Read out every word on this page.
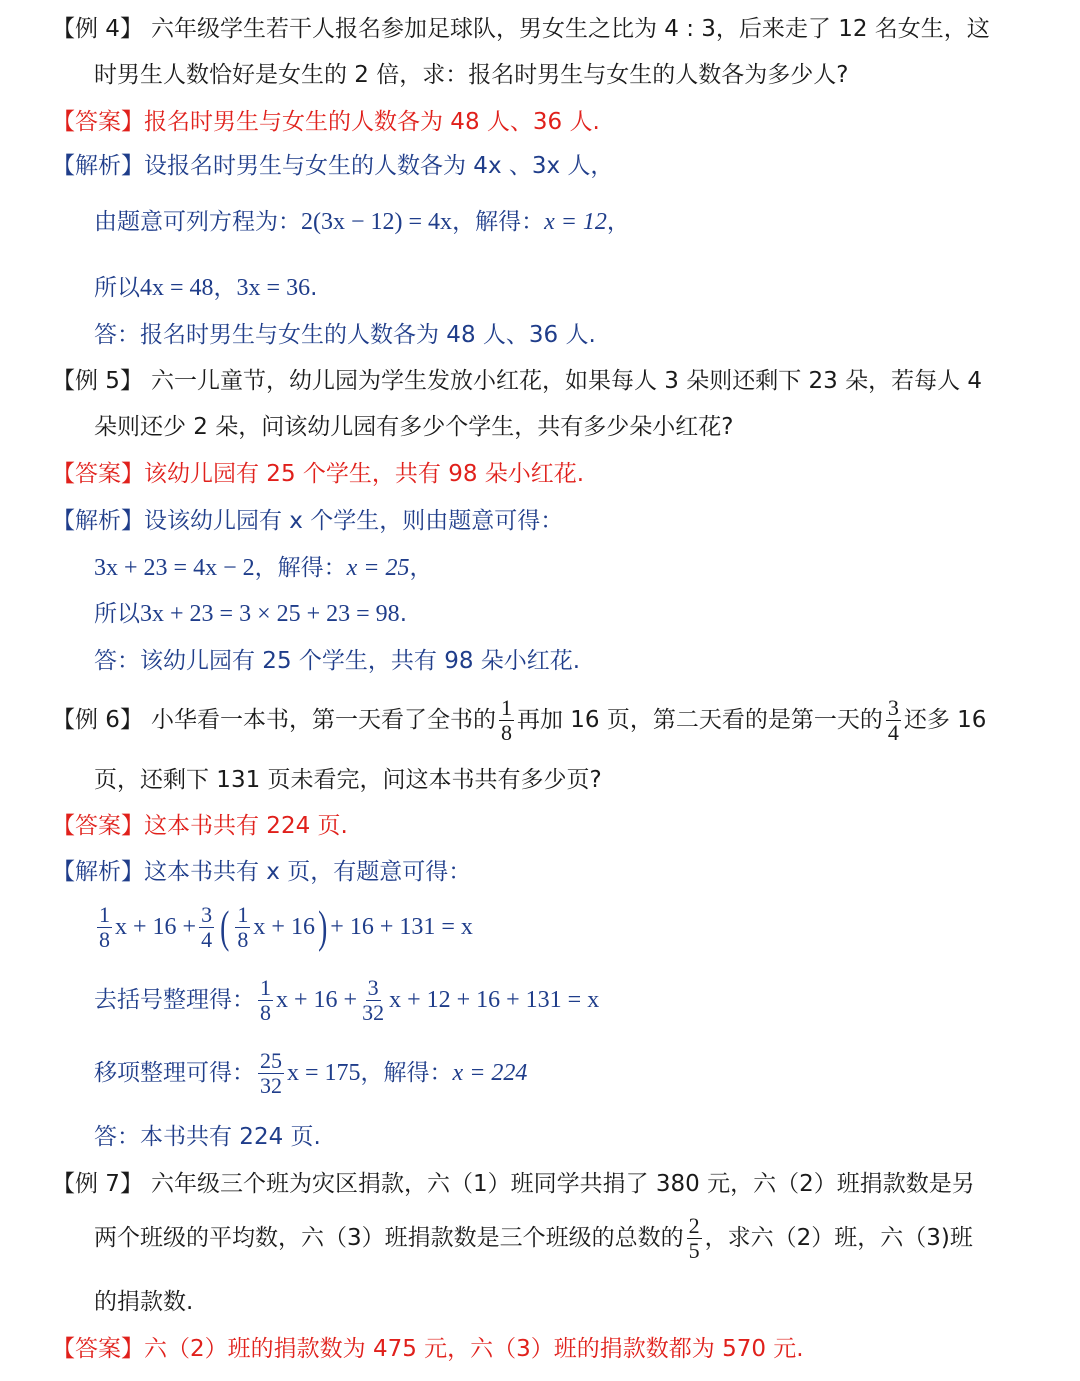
【例 4】 六年级学生若干人报名参加足球队，男女生之比为 4 : 3，后来走了 12 名女生，这
时男生人数恰好是女生的 2 倍，求：报名时男生与女生的人数各为多少人?
【答案】 报名时男生与女生的人数各为 48 人、36 人.
【解析】 设报名时男生与女生的人数各为 4x 、3x 人，
由题意可列方程为： 2(3x − 12) = 4x ，解得： x = 12 ，
所以 4x = 48 ， 3x = 36 .
答：报名时男生与女生的人数各为 48 人、36 人.
【例 5】 六一儿童节，幼儿园为学生发放小红花，如果每人 3 朵则还剩下 23 朵，若每人 4
朵则还少 2 朵，问该幼儿园有多少个学生，共有多少朵小红花?
【答案】 该幼儿园有 25 个学生，共有 98 朵小红花.
【解析】 设该幼儿园有 x 个学生，则由题意可得：
3x + 23 = 4x − 2 ，解得： x = 25 ，
所以 3x + 23 = 3 × 25 + 23 = 98 .
答：该幼儿园有 25 个学生，共有 98 朵小红花.
【例 6】 小华看一本书，第一天看了全书的 $\frac{1}{8}$ 再加 16 页，第二天看的是第一天的 $\frac{3}{4}$ 还多 16
页，还剩下 131 页未看完，问这本书共有多少页?
【答案】 这本书共有 224 页.
【解析】 这本书共有 x 页，有题意可得：
$\frac{1}{8}$ $x + 16 + \frac{3}{4}$ ( $\frac{1}{8}$ x + 16 ) + 16 + 131 = x
去括号整理得： $\frac{1}{8}$ $x + 16 + \frac{3}{32}$ x + 12 + 16 + 131 = x
移项整理可得： $\frac{25}{32}$ x = 175 ，解得： x = 224
答：本书共有 224 页.
【例 7】 六年级三个班为灾区捐款，六（1）班同学共捐了 380 元，六（2）班捐款数是另
两个班级的平均数，六（3）班捐款数是三个班级的总数的 $\frac{2}{5}$ ，求六（2）班，六（3)班
的捐款数.
【答案】 六（2）班的捐款数为 475 元，六（3）班的捐款数都为 570 元.
